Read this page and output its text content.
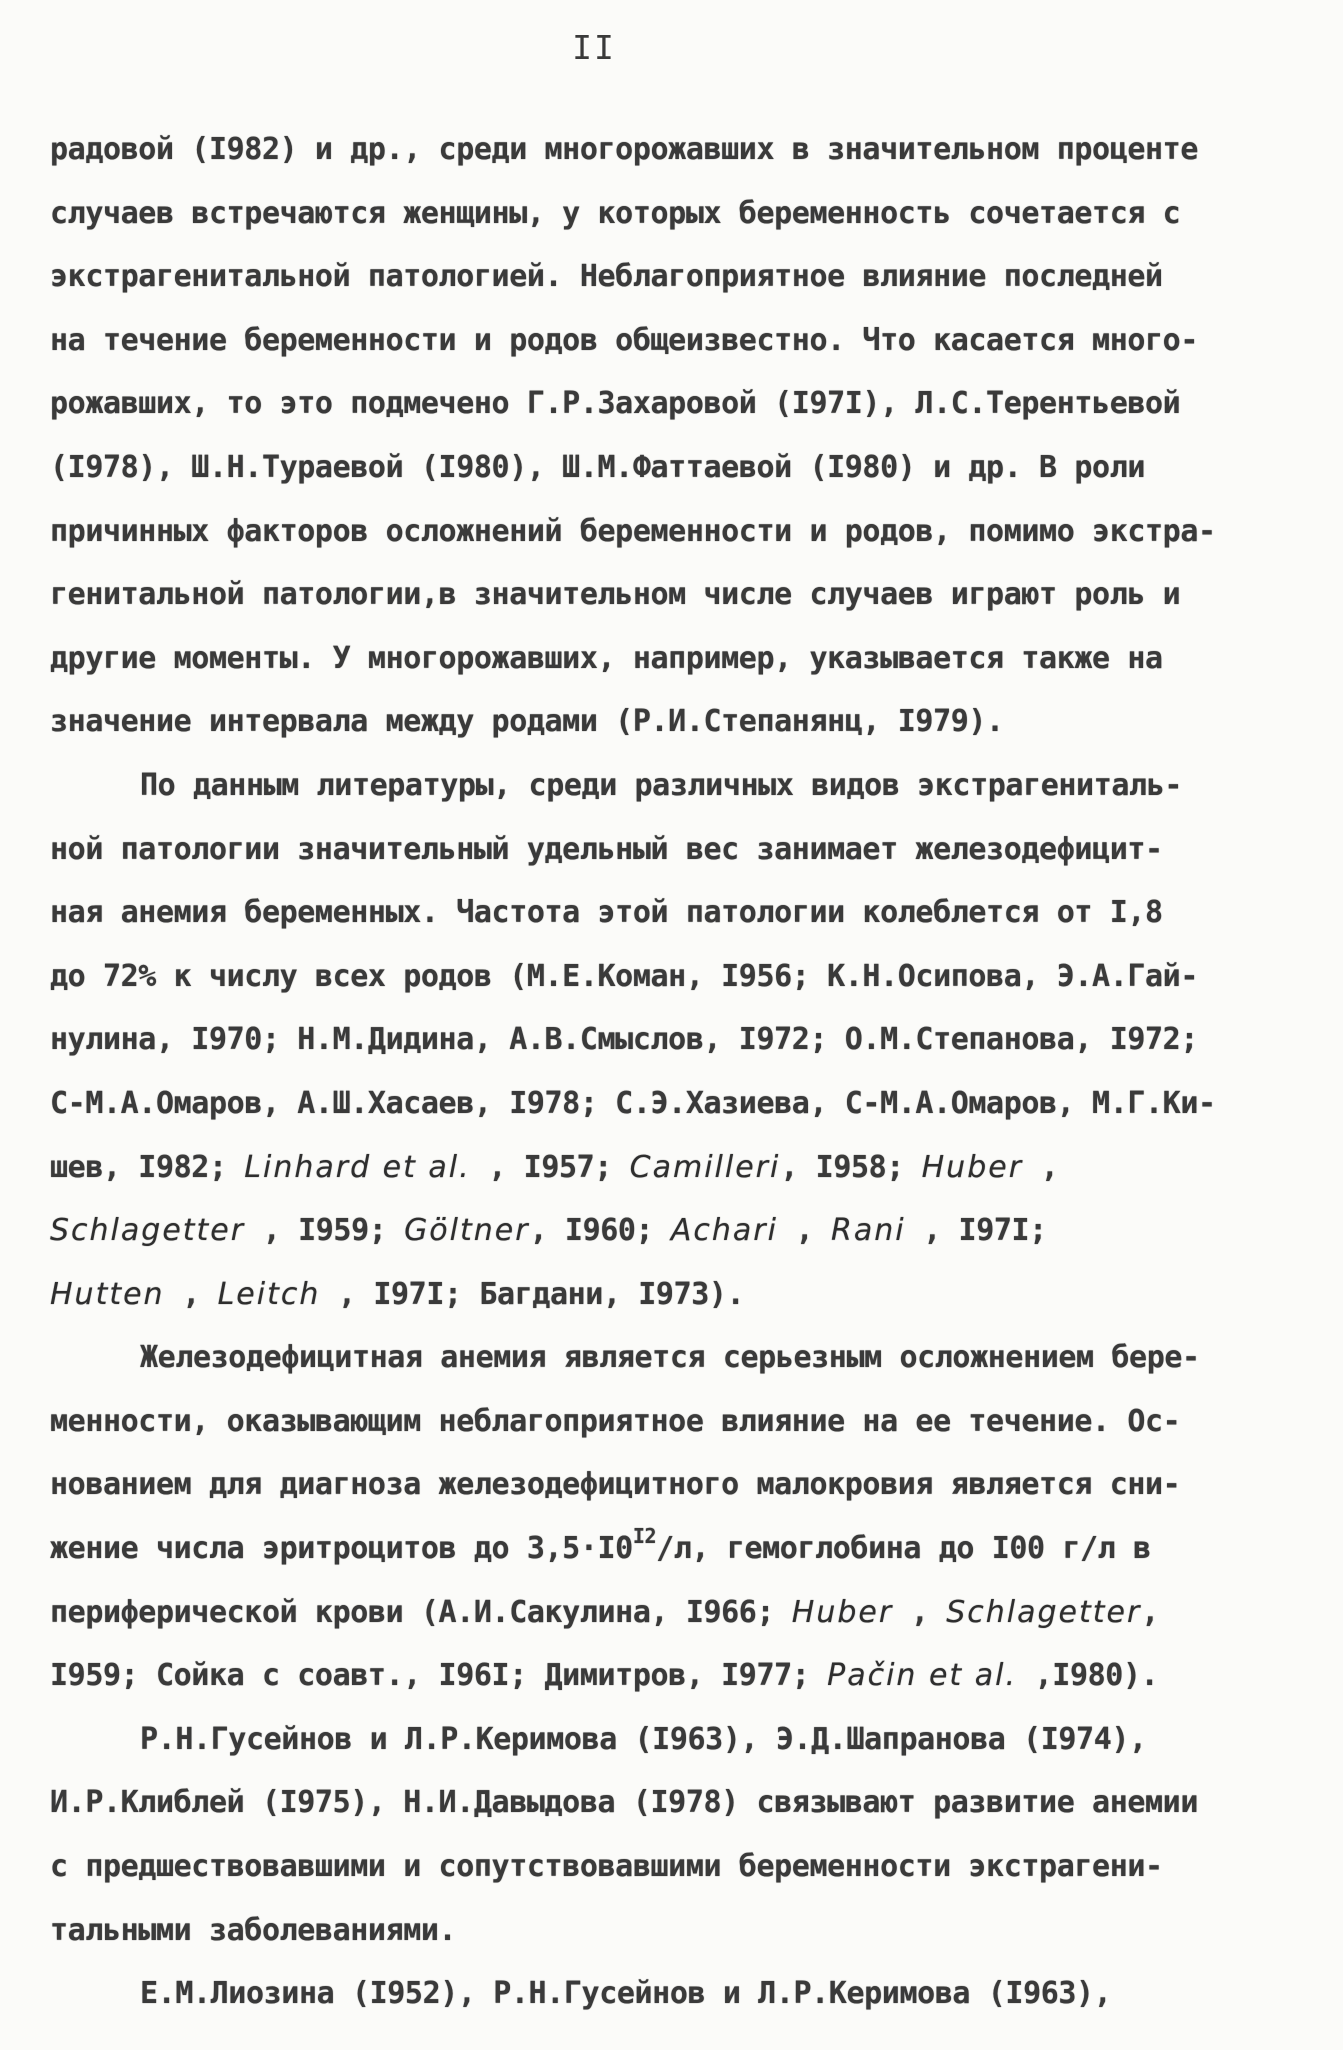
II
радовой (I982) и др., среди многорожавших в значительном проценте
случаев встречаются женщины, у которых беременность сочетается с
экстрагенитальной патологией. Неблагоприятное влияние последней
на течение беременности и родов общеизвестно. Что касается много-
рожавших, то это подмечено Г.Р.Захаровой (I97I), Л.С.Терентьевой
(I978), Ш.Н.Тураевой (I980), Ш.М.Фаттаевой (I980) и др. В роли
причинных факторов осложнений беременности и родов, помимо экстра-
генитальной патологии,в значительном числе случаев играют роль и
другие моменты. У многорожавших, например, указывается также на
значение интервала между родами (Р.И.Степанянц, I979).
По данным литературы, среди различных видов экстрагениталь-
ной патологии значительный удельный вес занимает железодефицит-
ная анемия беременных. Частота этой патологии колеблется от I,8
до 72% к числу всех родов (М.Е.Коман, I956; К.Н.Осипова, Э.А.Гай-
нулина, I970; Н.М.Дидина, А.В.Смыслов, I972; О.М.Степанова, I972;
С-М.А.Омаров, А.Ш.Хасаев, I978; С.Э.Хазиева, С-М.А.Омаров, М.Г.Ки-
шев, I982; Linhard et al. , I957; Camilleri, I958; Huber ,
Schlagetter , I959; Göltner, I960; Achari , Rani , I97I;
Hutten , Leitch , I97I; Багдани, I973).
Железодефицитная анемия является серьезным осложнением бере-
менности, оказывающим неблагоприятное влияние на ее течение. Ос-
нованием для диагноза железодефицитного малокровия является сни-
жение числа эритроцитов до $3,5\cdot I0^{I2}/л$, гемоглобина до I00 г/л в
периферической крови (А.И.Сакулина, I966; Huber , Schlagetter,
I959; Сойка с соавт., I96I; Димитров, I977; Pačin et al. ,I980).
Р.Н.Гусейнов и Л.Р.Керимова (I963), Э.Д.Шапранова (I974),
И.Р.Клиблей (I975), Н.И.Давыдова (I978) связывают развитие анемии
с предшествовавшими и сопутствовавшими беременности экстрагени-
тальными заболеваниями.
Е.М.Лиозина (I952), Р.Н.Гусейнов и Л.Р.Керимова (I963),
